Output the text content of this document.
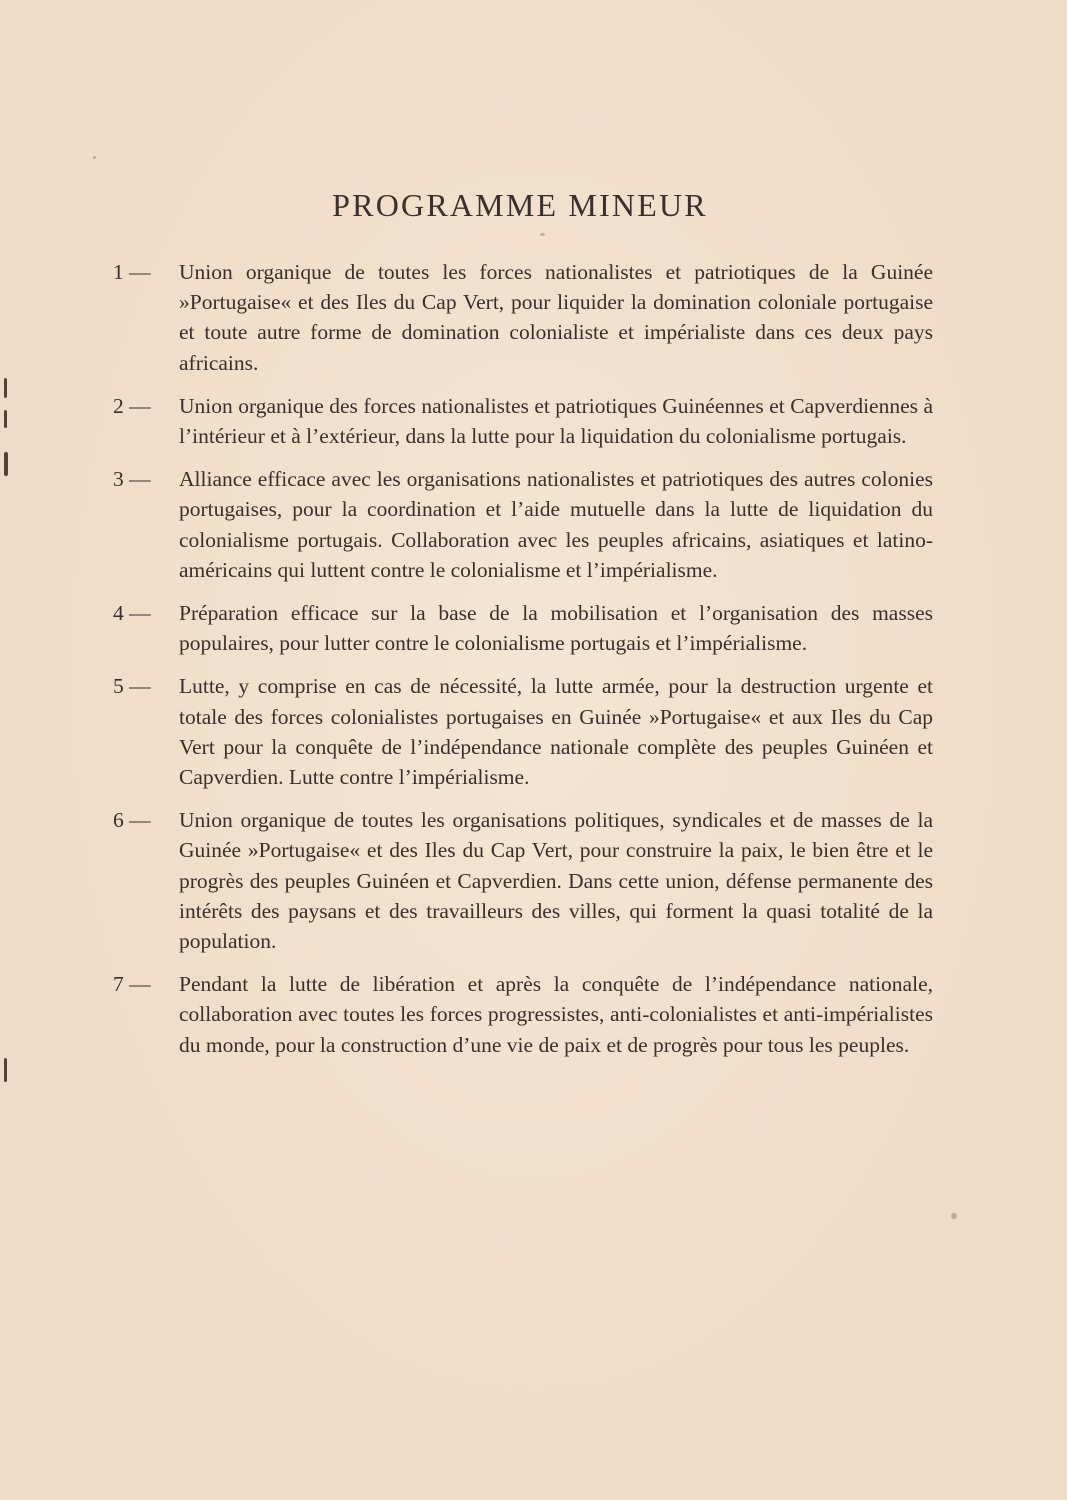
PROGRAMME MINEUR
1 —	Union organique de toutes les forces nationalistes et patriotiques de la Guinée »Portugaise« et des Iles du Cap Vert, pour liquider la domination coloniale portugaise et toute autre forme de domination colonialiste et impérialiste dans ces deux pays africains.
2 —	Union organique des forces nationalistes et patriotiques Guinéennes et Capverdiennes à l’intérieur et à l’extérieur, dans la lutte pour la liquidation du colonialisme portugais.
3 —	Alliance efficace avec les organisations nationalistes et patriotiques des autres colonies portugaises, pour la coordination et l’aide mutuelle dans la lutte de liquidation du colonialisme portugais. Collaboration avec les peuples africains, asiatiques et latino-américains qui luttent contre le colonialisme et l’impérialisme.
4 —	Préparation efficace sur la base de la mobilisation et l’organisation des masses populaires, pour lutter contre le colonialisme portugais et l’impérialisme.
5 —	Lutte, y comprise en cas de nécessité, la lutte armée, pour la destruction urgente et totale des forces colonialistes portugaises en Guinée »Portugaise« et aux Iles du Cap Vert pour la conquête de l’indépendance nationale complète des peuples Guinéen et Capverdien. Lutte contre l’impérialisme.
6 —	Union organique de toutes les organisations politiques, syndicales et de masses de la Guinée »Portugaise« et des Iles du Cap Vert, pour construire la paix, le bien être et le progrès des peuples Guinéen et Capverdien. Dans cette union, défense permanente des intérêts des paysans et des travailleurs des villes, qui forment la quasi totalité de la population.
7 —	Pendant la lutte de libération et après la conquête de l’indépendance nationale, collaboration avec toutes les forces progressistes, anti-colonialistes et anti-impérialistes du monde, pour la construction d’une vie de paix et de progrès pour tous les peuples.
